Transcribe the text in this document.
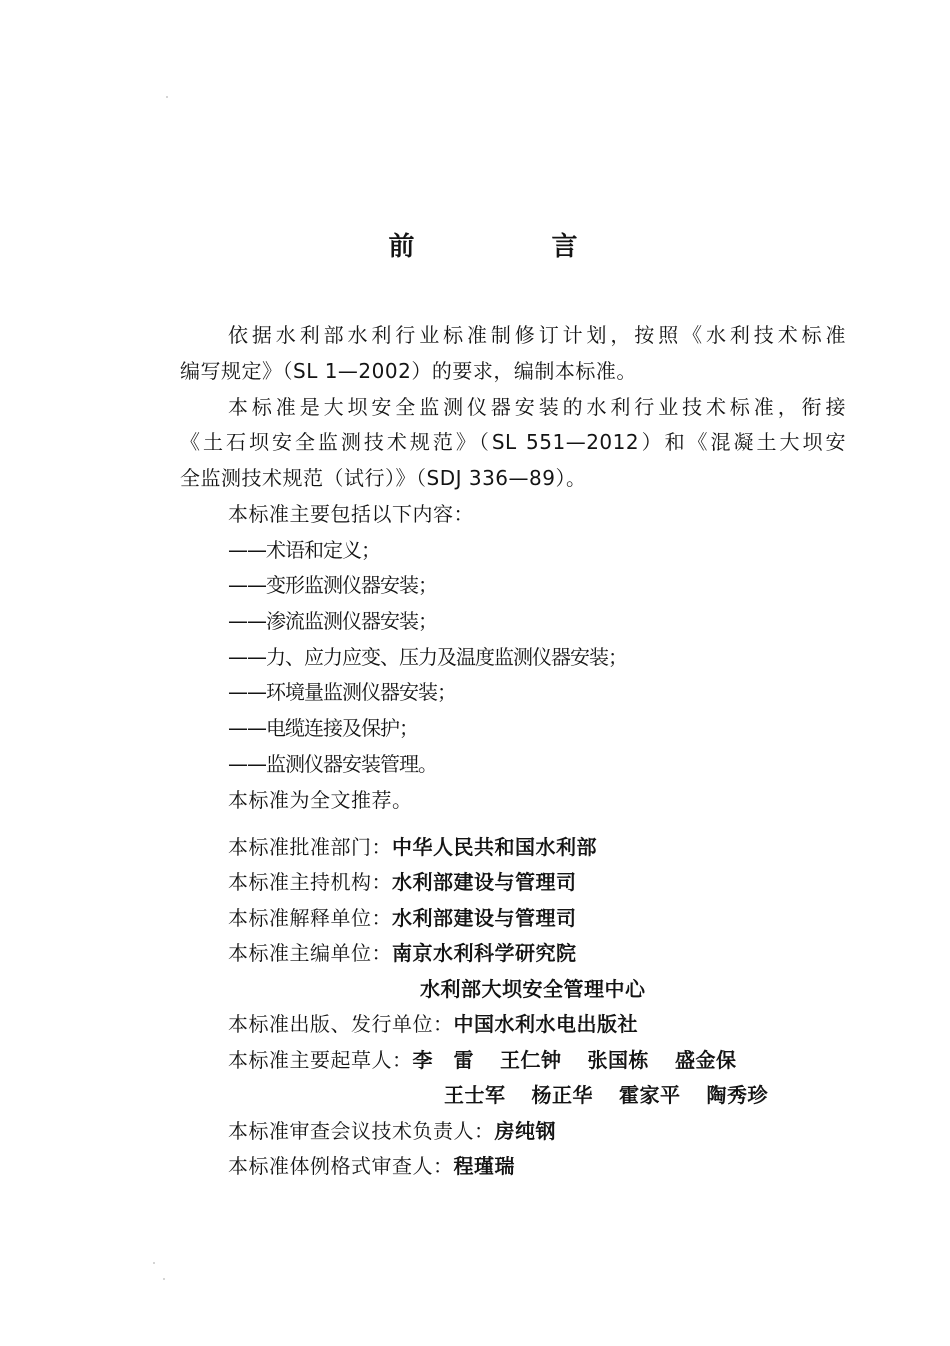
前 言
依据水利部水利行业标准制修订计划，按照《水利技术标准
编写规定》（SL 1—2002）的要求，编制本标准。
本标准是大坝安全监测仪器安装的水利行业技术标准，衔接
《土石坝安全监测技术规范》（SL 551—2012）和《混凝土大坝安
全监测技术规范（试行）》（SDJ 336—89）。
本标准主要包括以下内容：
——术语和定义；
——变形监测仪器安装；
——渗流监测仪器安装；
——力、应力应变、压力及温度监测仪器安装；
——环境量监测仪器安装；
——电缆连接及保护；
——监测仪器安装管理。
本标准为全文推荐。
本标准批准部门：中华人民共和国水利部
本标准主持机构：水利部建设与管理司
本标准解释单位：水利部建设与管理司
本标准主编单位：南京水利科学研究院
水利部大坝安全管理中心
本标准出版、发行单位：中国水利水电出版社
本标准主要起草人：李　雷 王仁钟 张国栋 盛金保
王士军 杨正华 霍家平 陶秀珍
本标准审查会议技术负责人：房纯钢
本标准体例格式审查人：程瑾瑞
